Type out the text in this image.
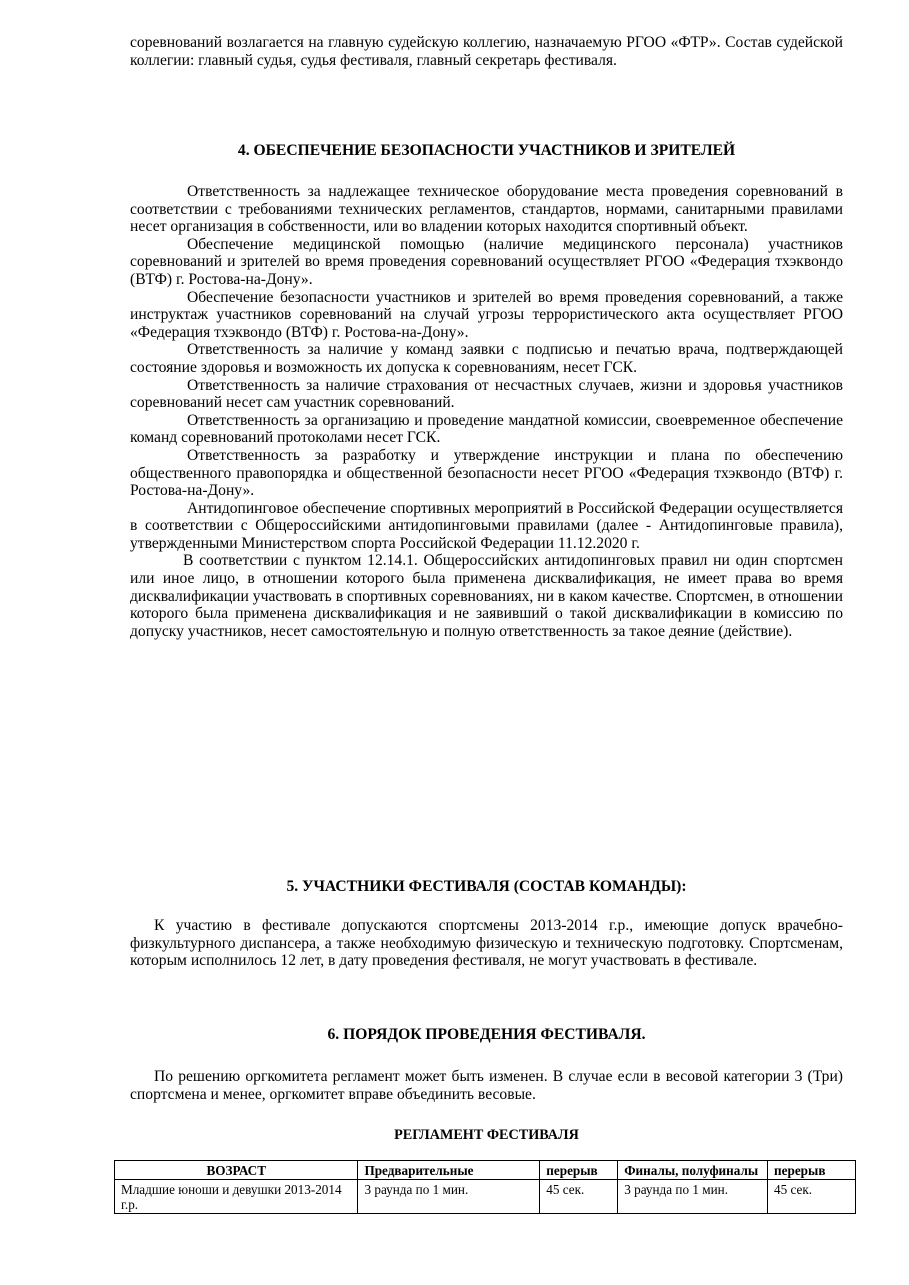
соревнований возлагается на главную судейскую коллегию, назначаемую РГОО «ФТР». Состав судейской коллегии: главный судья, судья фестиваля, главный секретарь фестиваля.

4. ОБЕСПЕЧЕНИЕ БЕЗОПАСНОСТИ УЧАСТНИКОВ И ЗРИТЕЛЕЙ

Ответственность за надлежащее техническое оборудование места проведения соревнований в соответствии с требованиями технических регламентов, стандартов, нормами, санитарными правилами несет организация в собственности, или во владении которых находится спортивный объект.

Обеспечение медицинской помощью (наличие медицинского персонала) участников соревнований и зрителей во время проведения соревнований осуществляет РГОО «Федерация тхэквондо (ВТФ) г. Ростова-на-Дону».

Обеспечение безопасности участников и зрителей во время проведения соревнований, а также инструктаж участников соревнований на случай угрозы террористического акта осуществляет РГОО «Федерация тхэквондо (ВТФ) г. Ростова-на-Дону».

Ответственность за наличие у команд заявки с подписью и печатью врача, подтверждающей состояние здоровья и возможность их допуска к соревнованиям, несет ГСК.

Ответственность за наличие страхования от несчастных случаев, жизни и здоровья участников соревнований несет сам участник соревнований.

Ответственность за организацию и проведение мандатной комиссии, своевременное обеспечение команд соревнований протоколами несет ГСК.

Ответственность за разработку и утверждение инструкции и плана по обеспечению общественного правопорядка и общественной безопасности несет РГОО «Федерация тхэквондо (ВТФ) г. Ростова-на-Дону».

Антидопинговое обеспечение спортивных мероприятий в Российской Федерации осуществляется в соответствии с Общероссийскими антидопинговыми правилами (далее - Антидопинговые правила), утвержденными Министерством спорта Российской Федерации 11.12.2020 г.

В соответствии с пунктом 12.14.1. Общероссийских антидопинговых правил ни один спортсмен или иное лицо, в отношении которого была применена дисквалификация, не имеет права во время дисквалификации участвовать в спортивных соревнованиях, ни в каком качестве. Спортсмен, в отношении которого была применена дисквалификация и не заявивший о такой дисквалификации в комиссию по допуску участников, несет самостоятельную и полную ответственность за такое деяние (действие).

5. УЧАСТНИКИ ФЕСТИВАЛЯ (СОСТАВ КОМАНДЫ):

К участию в фестивале допускаются спортсмены 2013-2014 г.р., имеющие допуск врачебно-физкультурного диспансера, а также необходимую физическую и техническую подготовку. Спортсменам, которым исполнилось 12 лет, в дату проведения фестиваля, не могут участвовать в фестивале.

6. ПОРЯДОК ПРОВЕДЕНИЯ ФЕСТИВАЛЯ.

По решению оргкомитета регламент может быть изменен. В случае если в весовой категории 3 (Три) спортсмена и менее, оргкомитет вправе объединить весовые.

РЕГЛАМЕНТ ФЕСТИВАЛЯ

ВОЗРАСТ	Предварительные	перерыв	Финалы, полуфиналы	перерыв
Младшие юноши и девушки 2013-2014 г.р.	3 раунда по 1 мин.	45 сек.	3 раунда по 1 мин.	45 сек.
